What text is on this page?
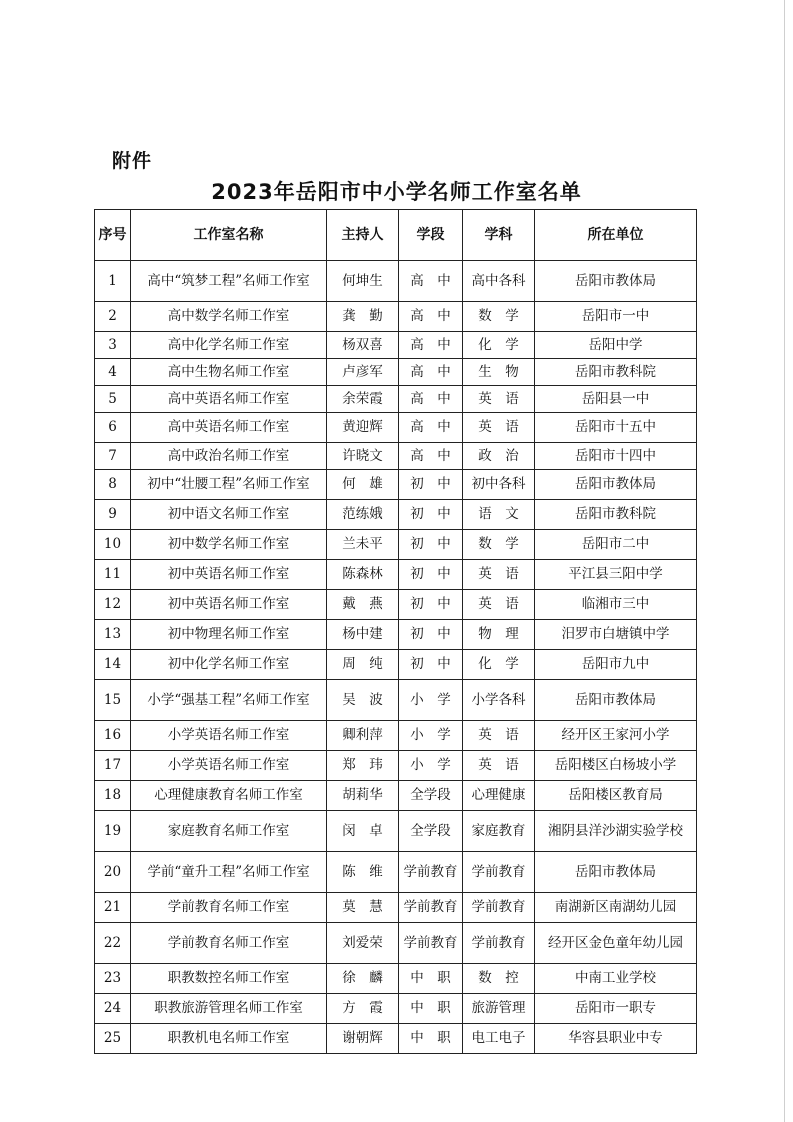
附件
2023年岳阳市中小学名师工作室名单
序号	工作室名称	主持人	学段	学科	所在单位
1	高中“筑梦工程”名师工作室	何坤生	高　中	高中各科	岳阳市教体局
2	高中数学名师工作室	龚　勤	高　中	数　学	岳阳市一中
3	高中化学名师工作室	杨双喜	高　中	化　学	岳阳中学
4	高中生物名师工作室	卢彦军	高　中	生　物	岳阳市教科院
5	高中英语名师工作室	余荣霞	高　中	英　语	岳阳县一中
6	高中英语名师工作室	黄迎辉	高　中	英　语	岳阳市十五中
7	高中政治名师工作室	许晓文	高　中	政　治	岳阳市十四中
8	初中“壮腰工程”名师工作室	何　雄	初　中	初中各科	岳阳市教体局
9	初中语文名师工作室	范练娥	初　中	语　文	岳阳市教科院
10	初中数学名师工作室	兰未平	初　中	数　学	岳阳市二中
11	初中英语名师工作室	陈森林	初　中	英　语	平江县三阳中学
12	初中英语名师工作室	戴　燕	初　中	英　语	临湘市三中
13	初中物理名师工作室	杨中建	初　中	物　理	汨罗市白塘镇中学
14	初中化学名师工作室	周　纯	初　中	化　学	岳阳市九中
15	小学“强基工程”名师工作室	吴　波	小　学	小学各科	岳阳市教体局
16	小学英语名师工作室	卿利萍	小　学	英　语	经开区王家河小学
17	小学英语名师工作室	郑　玮	小　学	英　语	岳阳楼区白杨坡小学
18	心理健康教育名师工作室	胡莉华	全学段	心理健康	岳阳楼区教育局
19	家庭教育名师工作室	闵　卓	全学段	家庭教育	湘阴县洋沙湖实验学校
20	学前“童升工程”名师工作室	陈　维	学前教育	学前教育	岳阳市教体局
21	学前教育名师工作室	莫　慧	学前教育	学前教育	南湖新区南湖幼儿园
22	学前教育名师工作室	刘爱荣	学前教育	学前教育	经开区金色童年幼儿园
23	职教数控名师工作室	徐　麟	中　职	数　控	中南工业学校
24	职教旅游管理名师工作室	方　霞	中　职	旅游管理	岳阳市一职专
25	职教机电名师工作室	谢朝辉	中　职	电工电子	华容县职业中专
